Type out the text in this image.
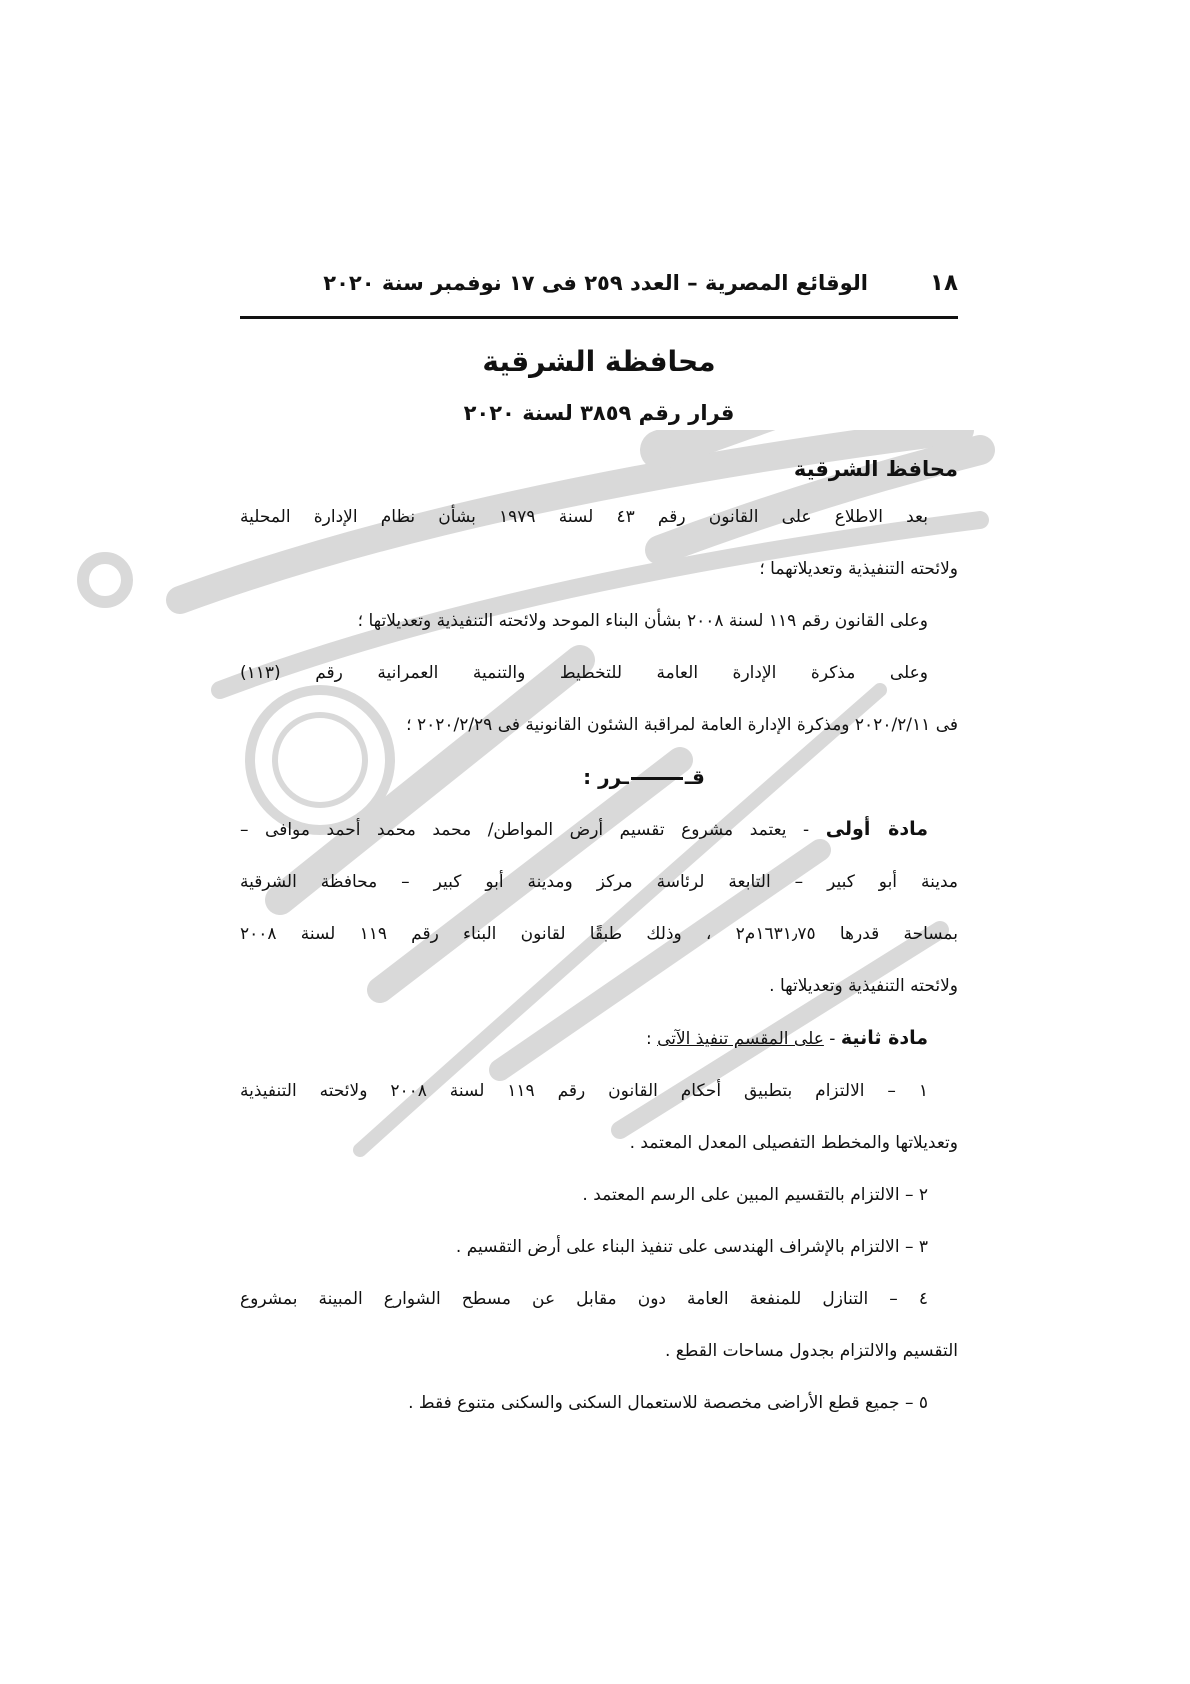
١٨
الوقائع المصرية – العدد ٢٥٩ فى ١٧ نوفمبر سنة ٢٠٢٠
محافظة الشرقية
قرار رقم ٣٨٥٩ لسنة ٢٠٢٠
محافظ الشرقية

بعد الاطلاع على القانون رقم ٤٣ لسنة ١٩٧٩ بشأن نظام الإدارة المحلية

ولائحته التنفيذية وتعديلاتهما ؛

وعلى القانون رقم ١١٩ لسنة ٢٠٠٨ بشأن البناء الموحد ولائحته التنفيذية وتعديلاتها ؛

وعلى مذكرة الإدارة العامة للتخطيط والتنمية العمرانية رقم (١١٣)

فى ٢٠٢٠/٢/١١ ومذكرة الإدارة العامة لمراقبة الشئون القانونية فى ٢٠٢٠/٢/٢٩ ؛

قــرر :

مادة أولى - يعتمد مشروع تقسيم أرض المواطن/ محمد محمد أحمد موافى –

مدينة أبو كبير – التابعة لرئاسة مركز ومدينة أبو كبير – محافظة الشرقية

بمساحة قدرها ١٦٣١٫٧٥م٢ ، وذلك طبقًا لقانون البناء رقم ١١٩ لسنة ٢٠٠٨

ولائحته التنفيذية وتعديلاتها .

مادة ثانية - على المقسم تنفيذ الآتى :

١ – الالتزام بتطبيق أحكام القانون رقم ١١٩ لسنة ٢٠٠٨ ولائحته التنفيذية

وتعديلاتها والمخطط التفصيلى المعدل المعتمد .

٢ – الالتزام بالتقسيم المبين على الرسم المعتمد .

٣ – الالتزام بالإشراف الهندسى على تنفيذ البناء على أرض التقسيم .

٤ – التنازل للمنفعة العامة دون مقابل عن مسطح الشوارع المبينة بمشروع

التقسيم والالتزام بجدول مساحات القطع .

٥ – جميع قطع الأراضى مخصصة للاستعمال السكنى والسكنى متنوع فقط .
